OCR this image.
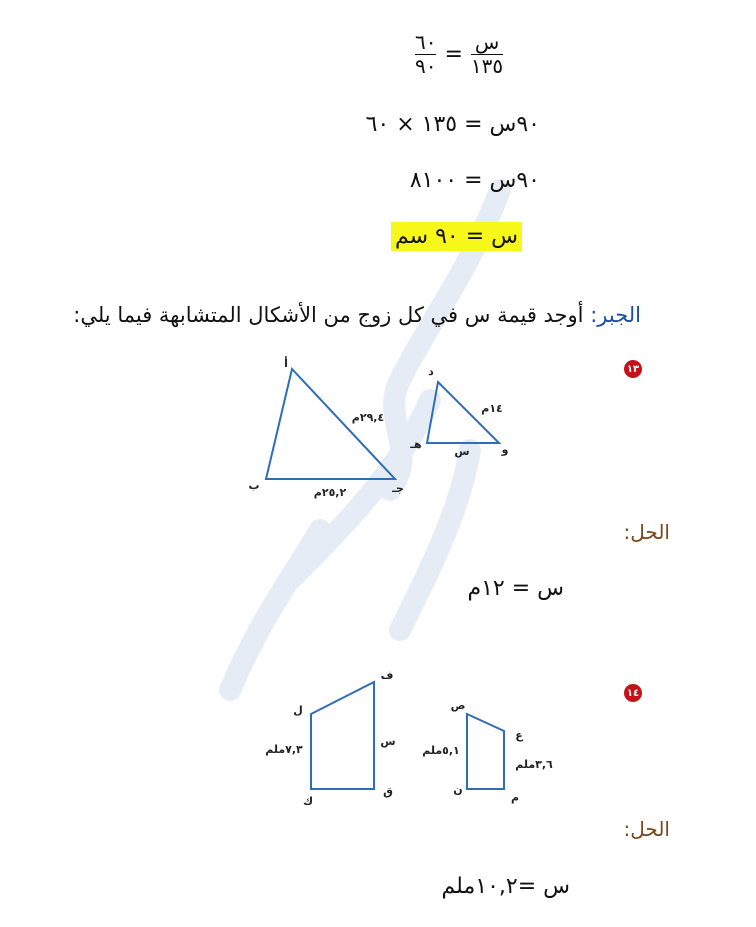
$\frac{٦٠}{٩٠} = \frac{\text{س}}{١٣٥}$
٩٠س = ١٣٥ × ٦٠
٩٠س = ٨١٠٠
س = ٩٠ سم
الجبر: أوجد قيمة س في كل زوج من الأشكال المتشابهة فيما يلي:
١٣
أ
ب	جـ
٢٩,٤م
٢٥,٢م
د
هـ	و
١٤م
س
الحل:
س = ١٢م
١٤
ف
ل
ك
ق
س
٧,٣ملم
ص
ع
ن
م
٥,١ملم
٣,٦ملم
الحل:
س =١٠,٢ملم
